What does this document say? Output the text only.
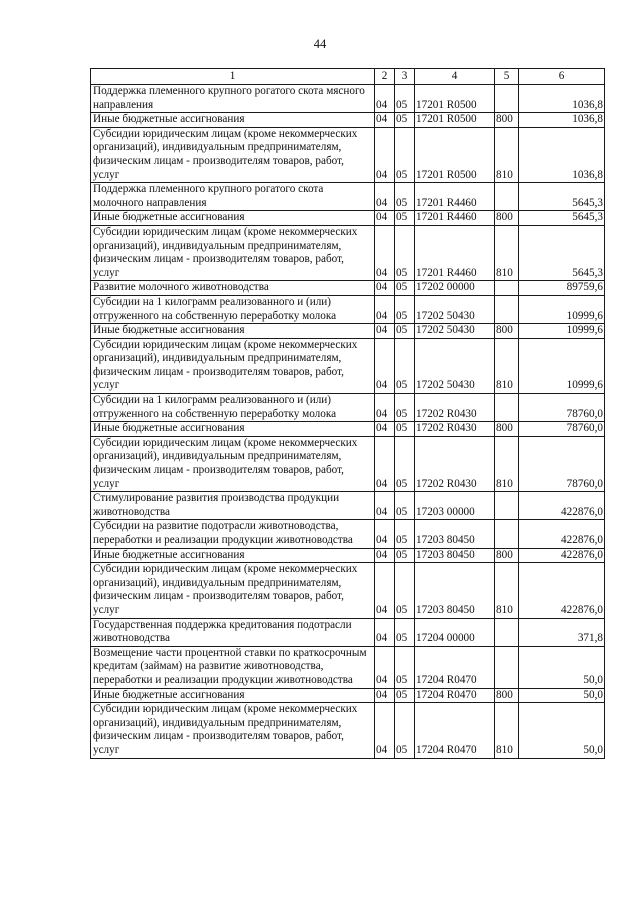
44
1	2	3	4	5	6
Поддержка племенного крупного рогатого скота мясного направления	04	05	17201 R0500		1036,8
Иные бюджетные ассигнования	04	05	17201 R0500	800	1036,8
Субсидии юридическим лицам (кроме некоммерческих организаций), индивидуальным предпринимателям, физическим лицам - производителям товаров, работ, услуг	04	05	17201 R0500	810	1036,8
Поддержка племенного крупного рогатого скота молочного направления	04	05	17201 R4460		5645,3
Иные бюджетные ассигнования	04	05	17201 R4460	800	5645,3
Субсидии юридическим лицам (кроме некоммерческих организаций), индивидуальным предпринимателям, физическим лицам - производителям товаров, работ, услуг	04	05	17201 R4460	810	5645,3
Развитие молочного животноводства	04	05	17202 00000		89759,6
Субсидии на 1 килограмм реализованного и (или) отгруженного на собственную переработку молока	04	05	17202 50430		10999,6
Иные бюджетные ассигнования	04	05	17202 50430	800	10999,6
Субсидии юридическим лицам (кроме некоммерческих организаций), индивидуальным предпринимателям, физическим лицам - производителям товаров, работ, услуг	04	05	17202 50430	810	10999,6
Субсидии на 1 килограмм реализованного и (или) отгруженного на собственную переработку молока	04	05	17202 R0430		78760,0
Иные бюджетные ассигнования	04	05	17202 R0430	800	78760,0
Субсидии юридическим лицам (кроме некоммерческих организаций), индивидуальным предпринимателям, физическим лицам - производителям товаров, работ, услуг	04	05	17202 R0430	810	78760,0
Стимулирование развития производства продукции животноводства	04	05	17203 00000		422876,0
Субсидии на развитие подотрасли животноводства, переработки и реализации продукции животноводства	04	05	17203 80450		422876,0
Иные бюджетные ассигнования	04	05	17203 80450	800	422876,0
Субсидии юридическим лицам (кроме некоммерческих организаций), индивидуальным предпринимателям, физическим лицам - производителям товаров, работ, услуг	04	05	17203 80450	810	422876,0
Государственная поддержка кредитования подотрасли животноводства	04	05	17204 00000		371,8
Возмещение части процентной ставки по краткосрочным кредитам (займам) на развитие животноводства, переработки и реализации продукции животноводства	04	05	17204 R0470		50,0
Иные бюджетные ассигнования	04	05	17204 R0470	800	50,0
Субсидии юридическим лицам (кроме некоммерческих организаций), индивидуальным предпринимателям, физическим лицам - производителям товаров, работ, услуг	04	05	17204 R0470	810	50,0
